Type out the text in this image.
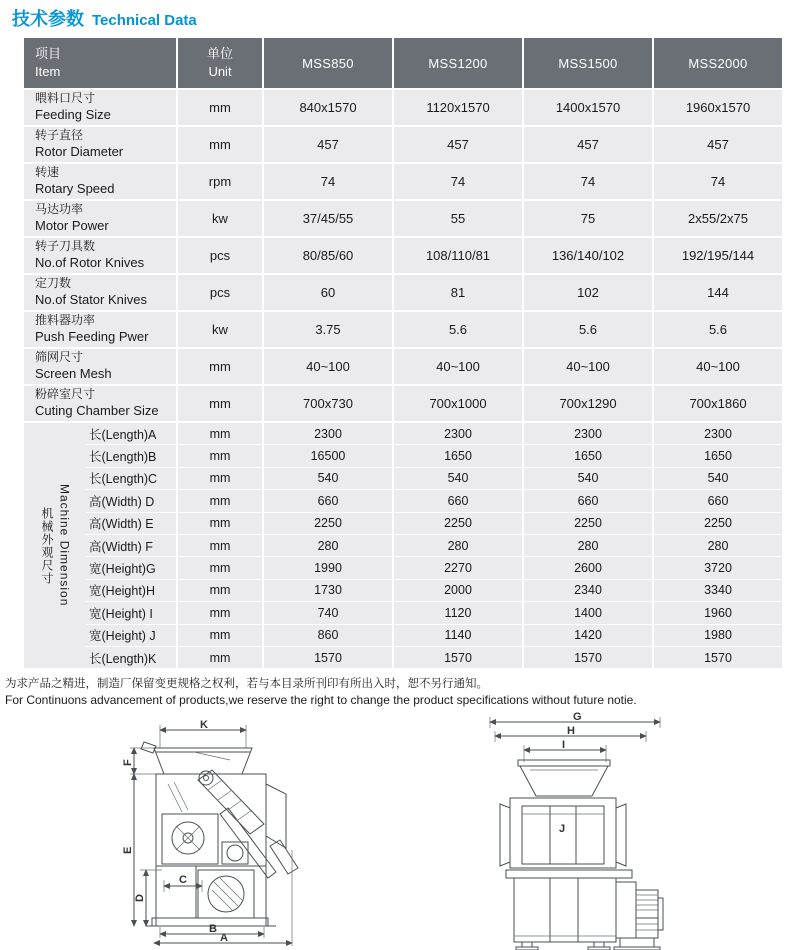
技术参数 Technical Data
项目
Item
单位
Unit
MSS850	MSS1200	MSS1500	MSS2000
喂料口尺寸
Feeding Size	mm	840x1570	1120x1570	1400x1570	1960x1570
转子直径
Rotor Diameter	mm	457	457	457	457
转速
Rotary Speed	rpm	74	74	74	74
马达功率
Motor Power	kw	37/45/55	55	75	2x55/2x75
转子刀具数
No.of Rotor Knives	pcs	80/85/60	108/110/81	136/140/102	192/195/144
定刀数
No.of Stator Knives	pcs	60	81	102	144
推料器功率
Push Feeding Pwer	kw	3.75	5.6	5.6	5.6
筛网尺寸
Screen Mesh	mm	40~100	40~100	40~100	40~100
粉碎室尺寸
Cuting Chamber Size	mm	700x730	700x1000	700x1290	700x1860
Machine Dimension
机械外观尺寸
长(Length)A	mm	2300	2300	2300	2300
长(Length)B	mm	16500	1650	1650	1650
长(Length)C	mm	540	540	540	540
高(Width) D	mm	660	660	660	660
高(Width) E	mm	2250	2250	2250	2250
高(Width) F	mm	280	280	280	280
宽(Height)G	mm	1990	2270	2600	3720
宽(Height)H	mm	1730	2000	2340	3340
宽(Height) I	mm	740	1120	1400	1960
宽(Height) J	mm	860	1140	1420	1980
长(Length)K	mm	1570	1570	1570	1570
为求产品之精进，制造厂保留变更规格之权利，若与本目录所刊印有所出入时，恕不另行通知。
For Continuons advancement of products,we reserve the right to change the product specifications without future notie.
K
F
E
D
C
B
A
G
H
I
J
